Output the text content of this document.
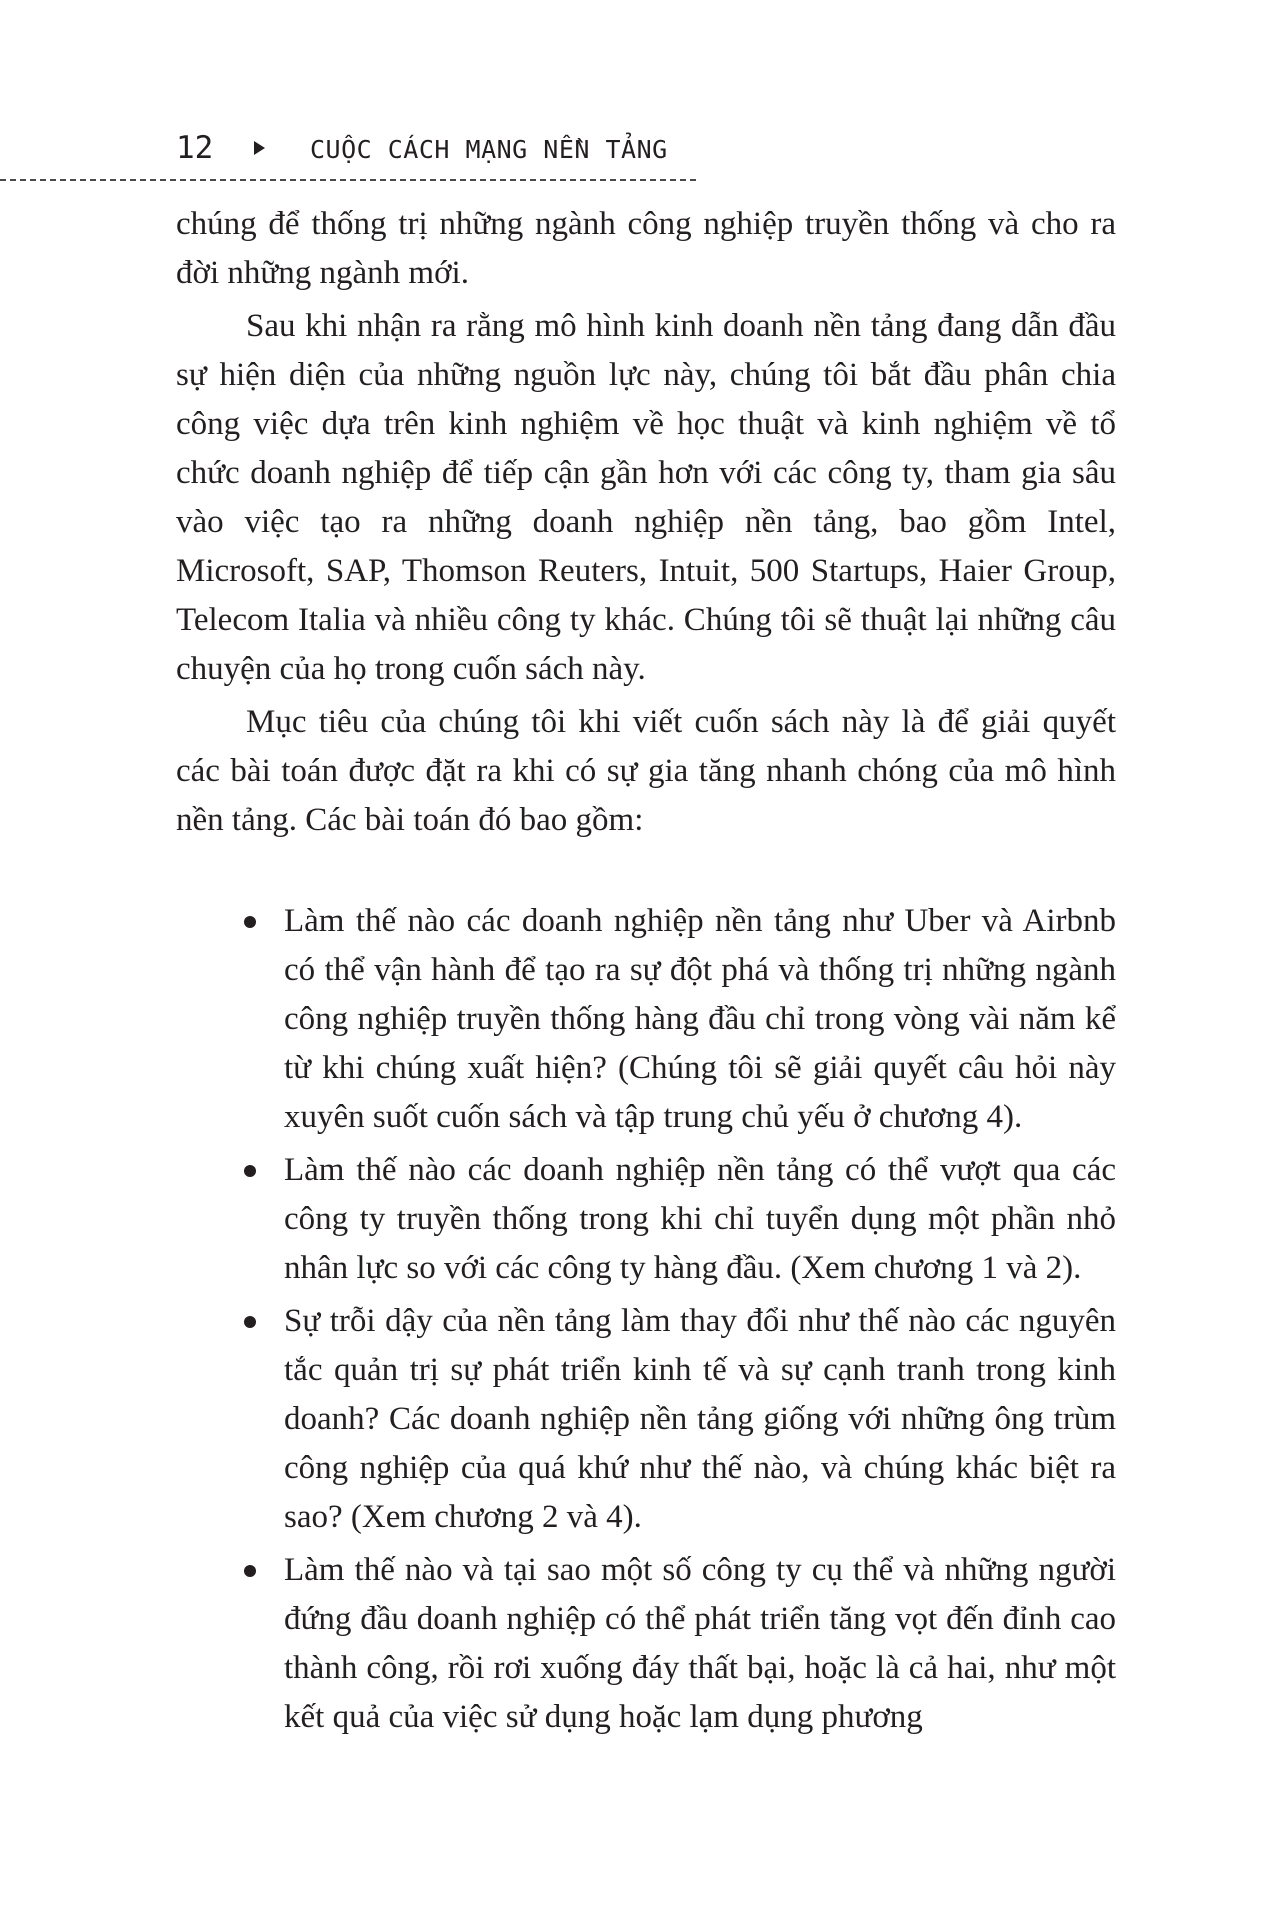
12	CUỘC CÁCH MẠNG NỀN TẢNG

chúng để thống trị những ngành công nghiệp truyền thống và cho ra đời những ngành mới.

Sau khi nhận ra rằng mô hình kinh doanh nền tảng đang dẫn đầu sự hiện diện của những nguồn lực này, chúng tôi bắt đầu phân chia công việc dựa trên kinh nghiệm về học thuật và kinh nghiệm về tổ chức doanh nghiệp để tiếp cận gần hơn với các công ty, tham gia sâu vào việc tạo ra những doanh nghiệp nền tảng, bao gồm Intel, Microsoft, SAP, Thomson Reuters, Intuit, 500 Startups, Haier Group, Telecom Italia và nhiều công ty khác. Chúng tôi sẽ thuật lại những câu chuyện của họ trong cuốn sách này.

Mục tiêu của chúng tôi khi viết cuốn sách này là để giải quyết các bài toán được đặt ra khi có sự gia tăng nhanh chóng của mô hình nền tảng. Các bài toán đó bao gồm:

Làm thế nào các doanh nghiệp nền tảng như Uber và Airbnb có thể vận hành để tạo ra sự đột phá và thống trị những ngành công nghiệp truyền thống hàng đầu chỉ trong vòng vài năm kể từ khi chúng xuất hiện? (Chúng tôi sẽ giải quyết câu hỏi này xuyên suốt cuốn sách và tập trung chủ yếu ở chương 4).
Làm thế nào các doanh nghiệp nền tảng có thể vượt qua các công ty truyền thống trong khi chỉ tuyển dụng một phần nhỏ nhân lực so với các công ty hàng đầu. (Xem chương 1 và 2).
Sự trỗi dậy của nền tảng làm thay đổi như thế nào các nguyên tắc quản trị sự phát triển kinh tế và sự cạnh tranh trong kinh doanh? Các doanh nghiệp nền tảng giống với những ông trùm công nghiệp của quá khứ như thế nào, và chúng khác biệt ra sao? (Xem chương 2 và 4).
Làm thế nào và tại sao một số công ty cụ thể và những người đứng đầu doanh nghiệp có thể phát triển tăng vọt đến đỉnh cao thành công, rồi rơi xuống đáy thất bại, hoặc là cả hai, như một kết quả của việc sử dụng hoặc lạm dụng phương
